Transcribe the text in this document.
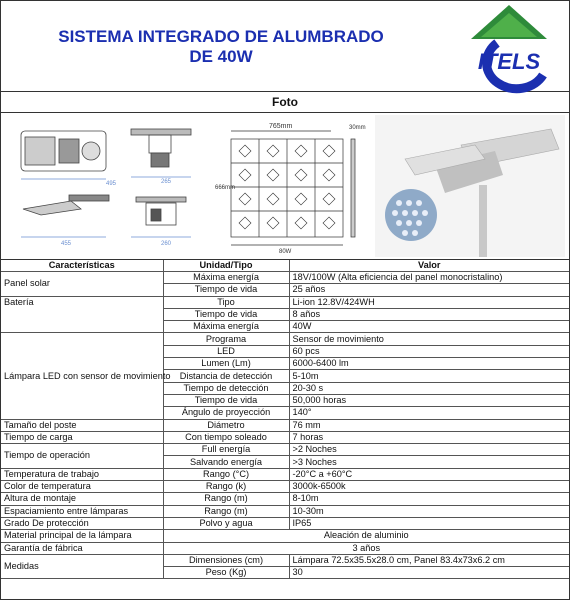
SISTEMA INTEGRADO DE ALUMBRADO
DE 40W	ITELS
Foto
495	265
455	260
765mm	30mm
666mm
80W
Características	Unidad/Tipo	Valor
Panel solar	Máxima energía	18V/100W (Alta eficiencia del panel monocristalino)
	Tiempo de vida	25 años
Batería	Tipo	Li-ion 12.8V/424WH
	Tiempo de vida	8 años
	Máxima energía	40W
Lámpara LED con sensor de movimiento	Programa	Sensor de movimiento
	LED	60 pcs
	Lumen (Lm)	6000-6400 lm
	Distancia de detección	5-10m
	Tiempo de detección	20-30 s
	Tiempo de vida	50,000 horas
	Ángulo de proyección	140°
Tamaño del poste	Diámetro	76 mm
Tiempo de carga	Con tiempo soleado	7 horas
Tiempo de operación	Full energía	>2 Noches
	Salvando energía	>3 Noches
Temperatura de trabajo	Rango (°C)	-20°C a +60°C
Color de temperatura	Rango (k)	3000k-6500k
Altura de montaje	Rango (m)	8-10m
Espaciamiento entre lámparas	Rango (m)	10-30m
Grado De protección	Polvo y agua	IP65
Material principal de la lámpara	Aleación de aluminio	
Garantía de fábrica	3 años	
Medidas	Dimensiones (cm)	Lámpara 72.5x35.5x28.0 cm, Panel 83.4x73x6.2 cm
	Peso (Kg)	30
